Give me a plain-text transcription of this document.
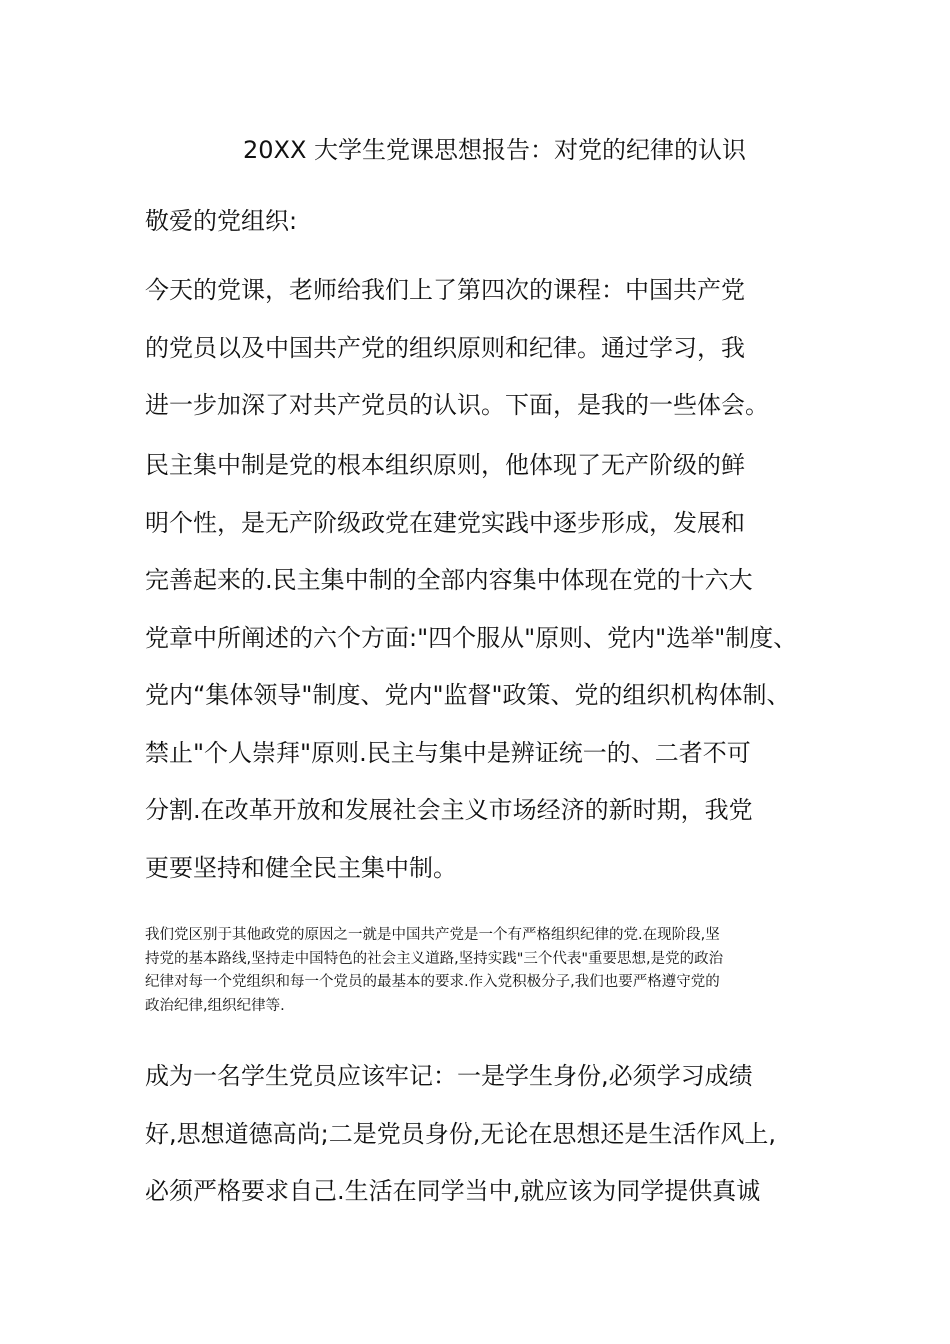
20XX 大学生党课思想报告：对党的纪律的认识
敬爱的党组织:
今天的党课，老师给我们上了第四次的课程：中国共产党
的党员以及中国共产党的组织原则和纪律。通过学习，我
进一步加深了对共产党员的认识。下面，是我的一些体会。
民主集中制是党的根本组织原则，他体现了无产阶级的鲜
明个性，是无产阶级政党在建党实践中逐步形成，发展和
完善起来的.民主集中制的全部内容集中体现在党的十六大
党章中所阐述的六个方面:"四个服从"原则、党内"选举"制度、
党内“集体领导"制度、党内"监督"政策、党的组织机构体制、
禁止"个人崇拜"原则.民主与集中是辨证统一的、二者不可
分割.在改革开放和发展社会主义市场经济的新时期，我党
更要坚持和健全民主集中制。
我们党区别于其他政党的原因之一就是中国共产党是一个有严格组织纪律的党.在现阶段,坚
持党的基本路线,坚持走中国特色的社会主义道路,坚持实践"三个代表"重要思想,是党的政治
纪律对每一个党组织和每一个党员的最基本的要求.作入党积极分子,我们也要严格遵守党的
政治纪律,组织纪律等.
成为一名学生党员应该牢记：一是学生身份,必须学习成绩
好,思想道德高尚;二是党员身份,无论在思想还是生活作风上,
必须严格要求自己.生活在同学当中,就应该为同学提供真诚
